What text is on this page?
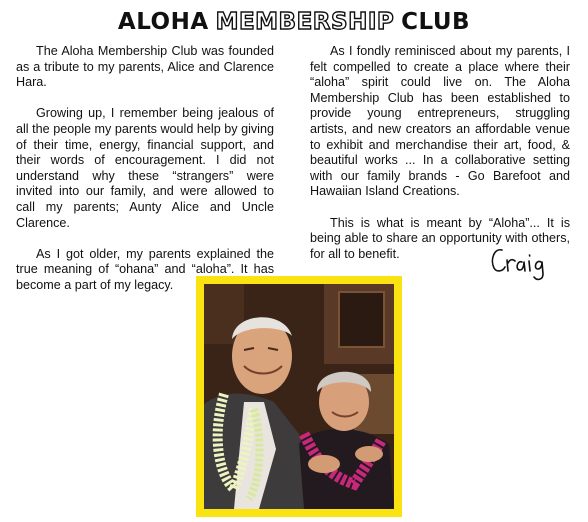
ALOHA MEMBERSHIP CLUB

The Aloha Membership Club was founded as a tribute to my parents, Alice and Clarence Hara.

Growing up, I remember being jealous of all the people my parents would help by giving of their time, energy, financial support, and their words of encouragement. I did not understand why these “strangers” were invited into our family, and were allowed to call my parents; Aunty Alice and Uncle Clarence.

As I got older, my parents explained the true meaning of “ohana” and “aloha”. It has become a part of my legacy.

As I fondly reminisced about my parents, I felt compelled to create a place where their “aloha” spirit could live on. The Aloha Membership Club has been established to provide young entrepreneurs, struggling artists, and new creators an affordable venue to exhibit and merchandise their art, food, & beautiful works ... In a collaborative setting with our family brands - Go Barefoot and Hawaiian Island Creations.

This is what is meant by “Aloha”... It is being able to share an opportunity with others, for all to benefit.
